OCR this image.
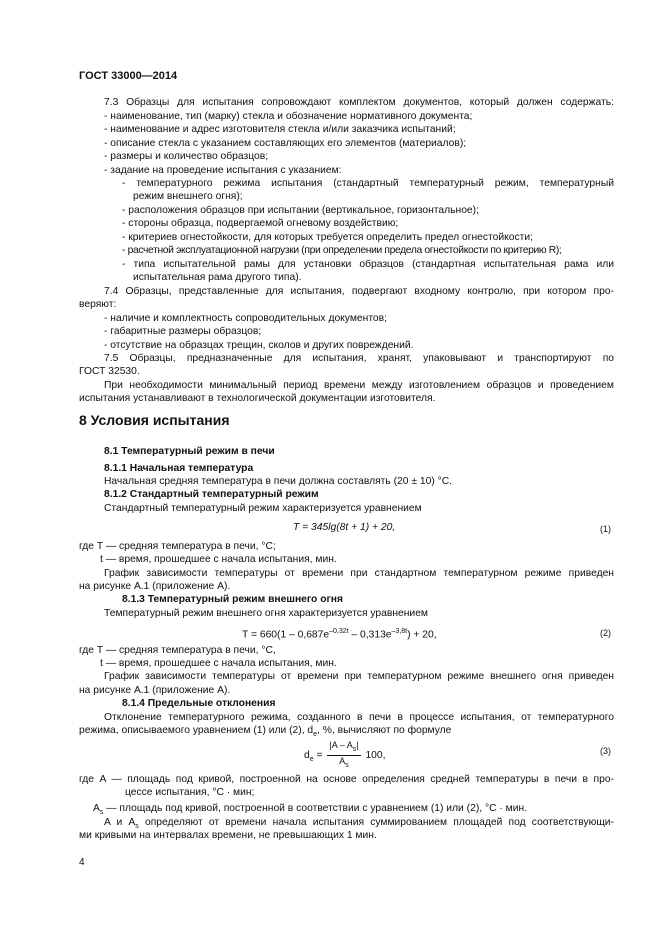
ГОСТ 33000—2014
7.3 Образцы для испытания сопровождают комплектом документов, который должен содержать:
- наименование, тип (марку) стекла и обозначение нормативного документа;
- наименование и адрес изготовителя стекла и/или заказчика испытаний;
- описание стекла с указанием составляющих его элементов (материалов);
- размеры и количество образцов;
- задание на проведение испытания с указанием:
- температурного режима испытания (стандартный температурный режим, температурный
режим внешнего огня);
- расположения образцов при испытании (вертикальное, горизонтальное);
- стороны образца, подвергаемой огневому воздействию;
- критериев огнестойкости, для которых требуется определить предел огнестойкости;
- расчетной эксплуатационной нагрузки (при определении предела огнестойкости по критерию R);
- типа испытательной рамы для установки образцов (стандартная испытательная рама или
испытательная рама другого типа).
7.4 Образцы, представленные для испытания, подвергают входному контролю, при котором про-
веряют:
- наличие и комплектность сопроводительных документов;
- габаритные размеры образцов;
- отсутствие на образцах трещин, сколов и других повреждений.
7.5 Образцы, предназначенные для испытания, хранят, упаковывают и транспортируют по
ГОСТ 32530.
При необходимости минимальный период времени между изготовлением образцов и проведением
испытания устанавливают в технологической документации изготовителя.
8 Условия испытания
8.1 Температурный режим в печи
8.1.1 Начальная температура
Начальная средняя температура в печи должна составлять (20 ± 10) °C.
8.1.2 Стандартный температурный режим
Стандартный температурный режим характеризуется уравнением
T = 345lg(8t + 1) + 20,	(1)
где T — средняя температура в печи, °C;
t — время, прошедшее с начала испытания, мин.
График зависимости температуры от времени при стандартном температурном режиме приведен
на рисунке А.1 (приложение А).
8.1.3 Температурный режим внешнего огня
Температурный режим внешнего огня характеризуется уравнением
$T = 660(1 - 0,687e^{-0,32t} - 0,313e^{-3,8t}) + 20$,	(2)
где T — средняя температура в печи, °C,
t — время, прошедшее с начала испытания, мин.
График зависимости температуры от времени при температурном режиме внешнего огня приведен
на рисунке А.1 (приложение А).
8.1.4 Предельные отклонения
Отклонение температурного режима, созданного в печи в процессе испытания, от температурного
режима, описываемого уравнением (1) или (2), $d_e$, %, вычисляют по формуле
$d_e = \frac{|A - A_s|}{A_s} 100$,	(3)
где A — площадь под кривой, построенной на основе определения средней температуры в печи в про-
цессе испытания, °C · мин;
$A_s$ — площадь под кривой, построенной в соответствии с уравнением (1) или (2), °C · мин.
A и $A_s$ определяют от времени начала испытания суммированием площадей под соответствующи-
ми кривыми на интервалах времени, не превышающих 1 мин.
4
